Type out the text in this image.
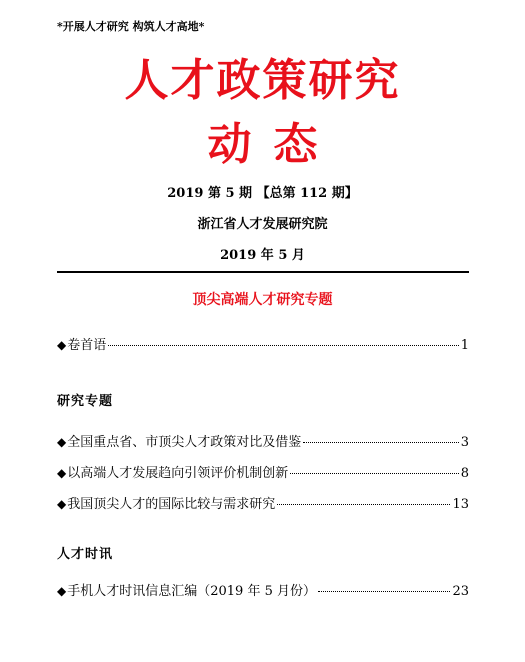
*开展人才研究 构筑人才高地*
人才政策研究
动态
2019 第 5 期 【总第 112 期】
浙江省人才发展研究院
2019 年 5 月
顶尖高端人才研究专题
◆ 卷首语	1
研究专题
◆ 全国重点省、市顶尖人才政策对比及借鉴	3
◆ 以高端人才发展趋向引领评价机制创新	8
◆ 我国顶尖人才的国际比较与需求研究	13
人才时讯
◆ 手机人才时讯信息汇编（2019 年 5 月份）	23
